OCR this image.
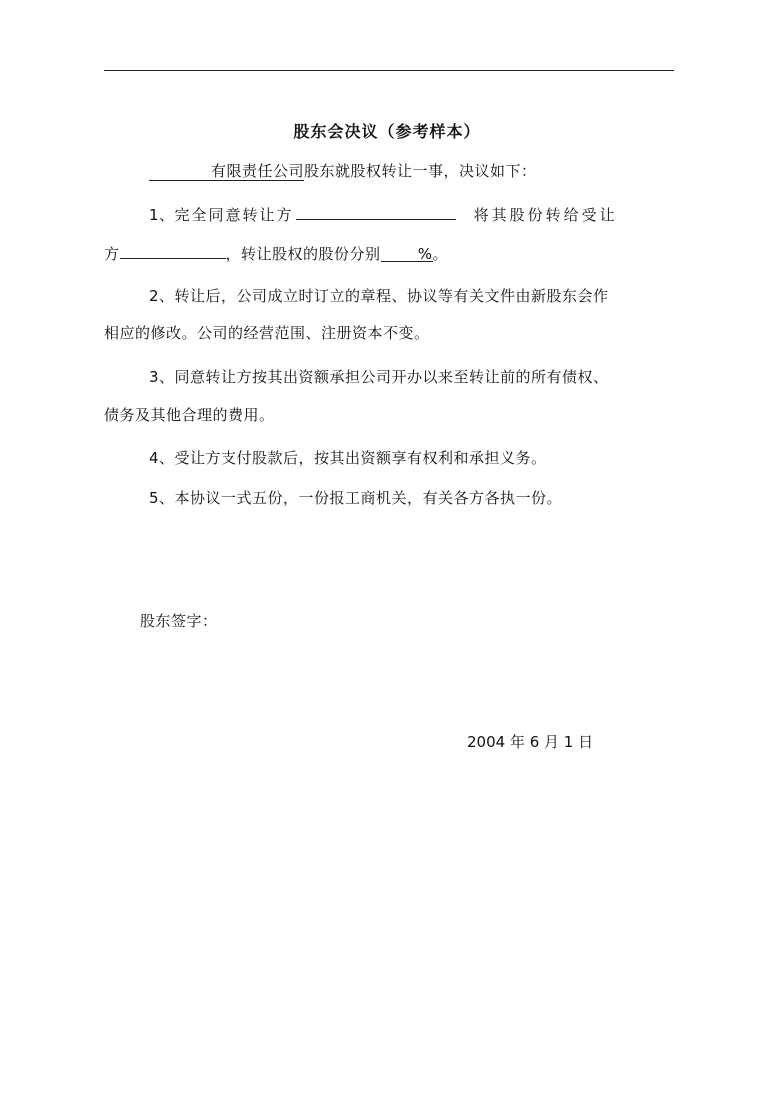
股东会决议（参考样本）
有限责任公司股东就股权转让一事，决议如下：
1、完全同意转让方	将其股份转给受让
方	，转让股权的股份分别 %。
2、转让后，公司成立时订立的章程、协议等有关文件由新股东会作
相应的修改。公司的经营范围、注册资本不变。
3、同意转让方按其出资额承担公司开办以来至转让前的所有债权、
债务及其他合理的费用。
4、受让方支付股款后，按其出资额享有权利和承担义务。
5、本协议一式五份，一份报工商机关，有关各方各执一份。
股东签字：
2004 年 6 月 1 日
